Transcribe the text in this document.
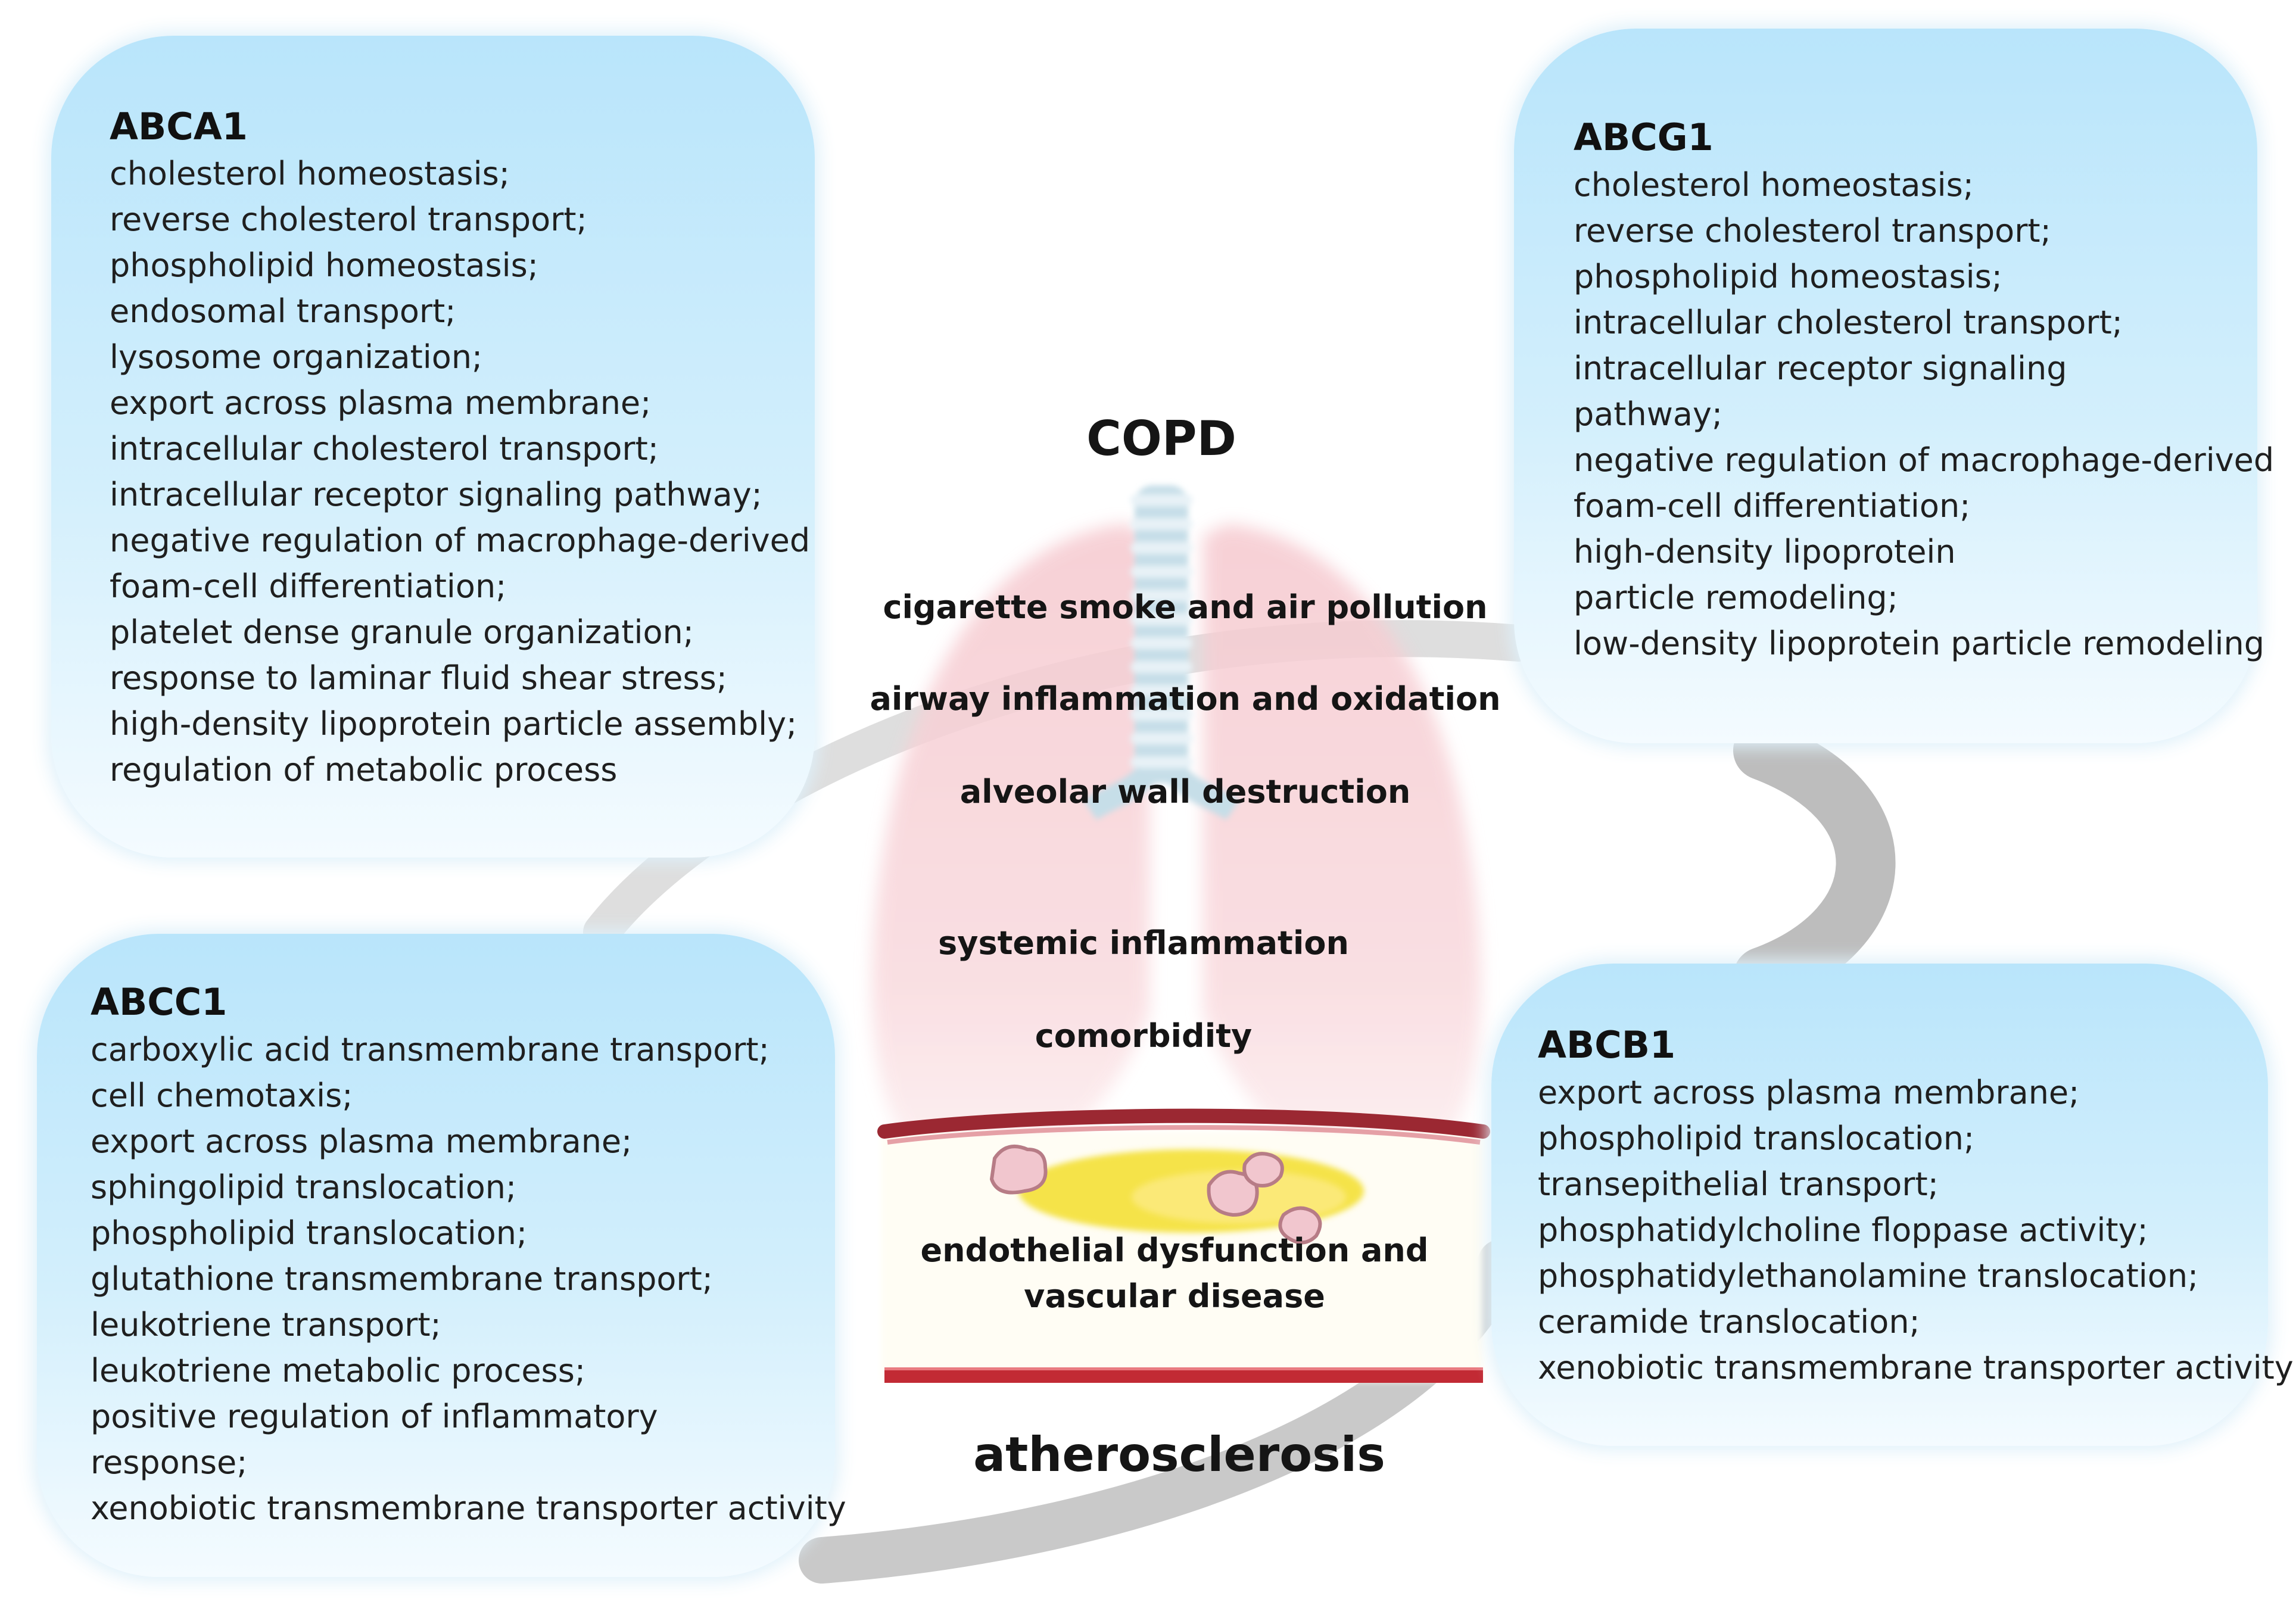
COPD
cigarette smoke and air pollution
airway inflammation and oxidation
alveolar wall destruction
systemic inflammation
comorbidity
endothelial dysfunction and
vascular disease
atherosclerosis
ABCA1
cholesterol homeostasis;
reverse cholesterol transport;
phospholipid homeostasis;
endosomal transport;
lysosome organization;
export across plasma membrane;
intracellular cholesterol transport;
intracellular receptor signaling pathway;
negative regulation of macrophage-derived
foam-cell differentiation;
platelet dense granule organization;
response to laminar fluid shear stress;
high-density lipoprotein particle assembly;
regulation of metabolic process
ABCG1
cholesterol homeostasis;
reverse cholesterol transport;
phospholipid homeostasis;
intracellular cholesterol transport;
intracellular receptor signaling
pathway;
negative regulation of macrophage-derived
foam-cell differentiation;
high-density lipoprotein
particle remodeling;
low-density lipoprotein particle remodeling
ABCC1
carboxylic acid transmembrane transport;
cell chemotaxis;
export across plasma membrane;
sphingolipid translocation;
phospholipid translocation;
glutathione transmembrane transport;
leukotriene transport;
leukotriene metabolic process;
positive regulation of inflammatory
response;
xenobiotic transmembrane transporter activity
ABCB1
export across plasma membrane;
phospholipid translocation;
transepithelial transport;
phosphatidylcholine floppase activity;
phosphatidylethanolamine translocation;
ceramide translocation;
xenobiotic transmembrane transporter activity
